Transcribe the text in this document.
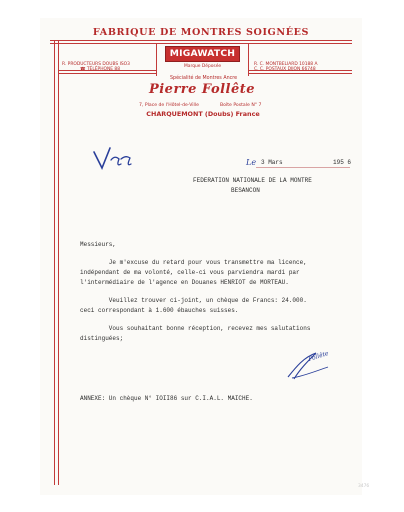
FABRIQUE DE MONTRES SOIGNÉES
MIGAWATCH
Marque Déposée
R. PRODUCTEURS DOUBS ISO3
☎ TÉLÉPHONE 88
R. C. MONTBELIARD 10188 A
C. C. POSTAUX DIJON 66748
Spécialité de Montres Ancre
Pierre Follête
7, Place de l'Hôtel-de-Ville	Boîte Postale N° 7
CHARQUEMONT (Doubs) France
Le 3 Mars	195 6
FEDERATION NATIONALE DE LA MONTRE
BESANCON
Messieurs,
Je m'excuse du retard pour vous transmettre ma licence,
indépendant de ma volonté, celle-ci vous parviendra mardi par
l'intermédiaire de l'agence en Douanes HENRIOT de MORTEAU.
Veuillez trouver ci-joint, un chèque de Francs: 24.000.
ceci correspondant à 1.600 ébauches suisses.
Vous souhaitant bonne réception, recevez mes salutations
distinguées;
Follête
ANNEXE: Un chèque N° IOII86 sur C.I.A.L. MAICHE.
3476
